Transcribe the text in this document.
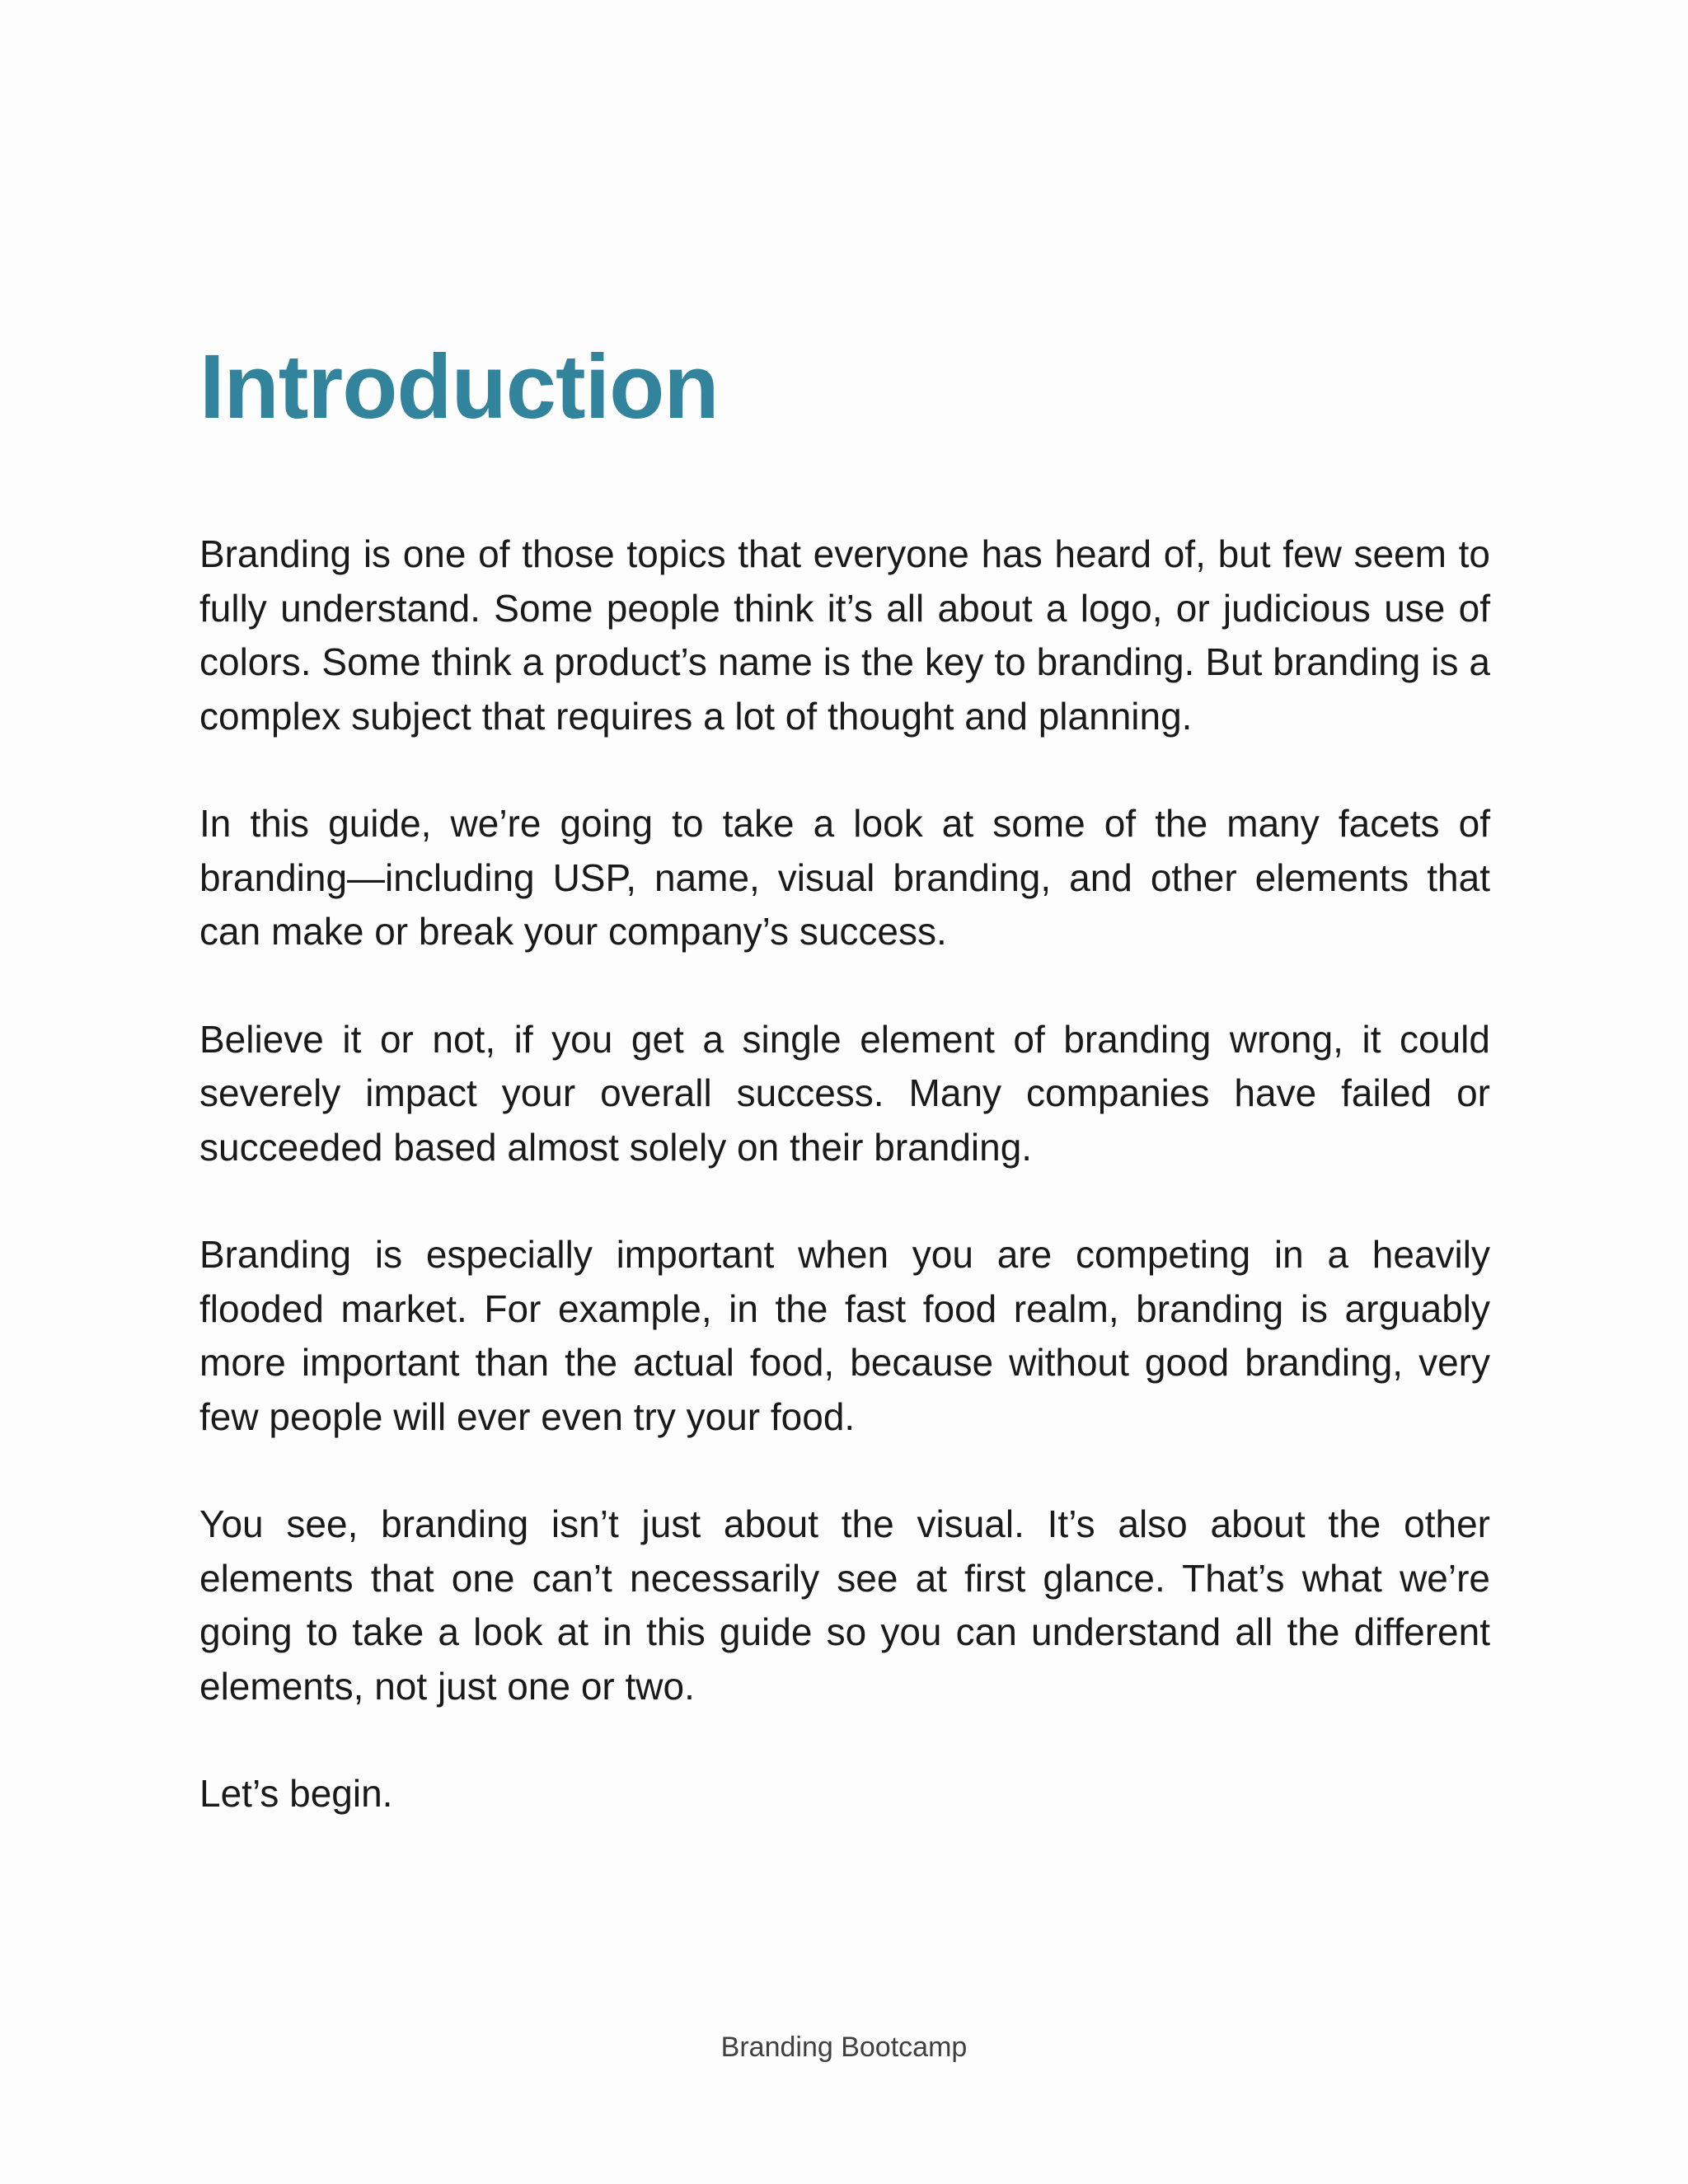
Introduction

Branding is one of those topics that everyone has heard of, but few seem to fully understand. Some people think it’s all about a logo, or judicious use of colors. Some think a product’s name is the key to branding. But branding is a complex subject that requires a lot of thought and planning.

In this guide, we’re going to take a look at some of the many facets of branding—including USP, name, visual branding, and other elements that can make or break your company’s success.

Believe it or not, if you get a single element of branding wrong, it could severely impact your overall success. Many companies have failed or succeeded based almost solely on their branding.

Branding is especially important when you are competing in a heavily flooded market. For example, in the fast food realm, branding is arguably more important than the actual food, because without good branding, very few people will ever even try your food.

You see, branding isn’t just about the visual. It’s also about the other elements that one can’t necessarily see at first glance. That’s what we’re going to take a look at in this guide so you can understand all the different elements, not just one or two.

Let’s begin.

Branding Bootcamp
